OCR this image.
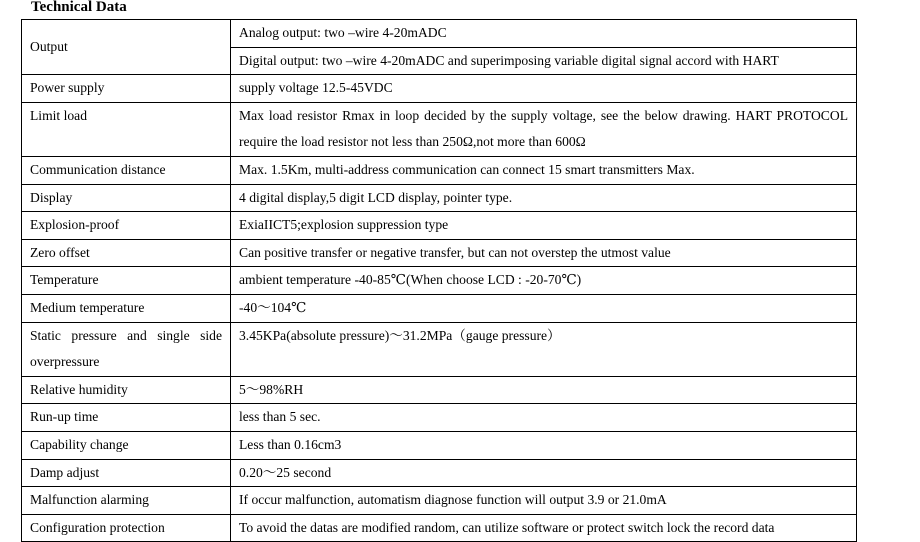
Technical Data
Output	Analog output: two –wire 4-20mADC
	Digital output: two –wire 4-20mADC and superimposing variable digital signal accord with HART
Power supply	supply voltage 12.5-45VDC
Limit load	Max load resistor Rmax in loop decided by the supply voltage, see the below drawing. HART PROTOCOL require the load resistor not less than 250Ω,not more than 600Ω
Communication distance	Max. 1.5Km, multi-address communication can connect 15 smart transmitters Max.
Display	4 digital display,5 digit LCD display, pointer type.
Explosion-proof	ExiaIICT5;explosion suppression type
Zero offset	Can positive transfer or negative transfer, but can not overstep the utmost value
Temperature	ambient temperature -40-85℃(When choose LCD : -20-70℃)
Medium temperature	-40～104℃
Static pressure and single side overpressure	3.45KPa(absolute pressure)～31.2MPa（gauge pressure）
Relative humidity	5～98%RH
Run-up time	less than 5 sec.
Capability change	Less than 0.16cm3
Damp adjust	0.20～25 second
Malfunction alarming	If occur malfunction, automatism diagnose function will output 3.9 or 21.0mA
Configuration protection	To avoid the datas are modified random, can utilize software or protect switch lock the record data
